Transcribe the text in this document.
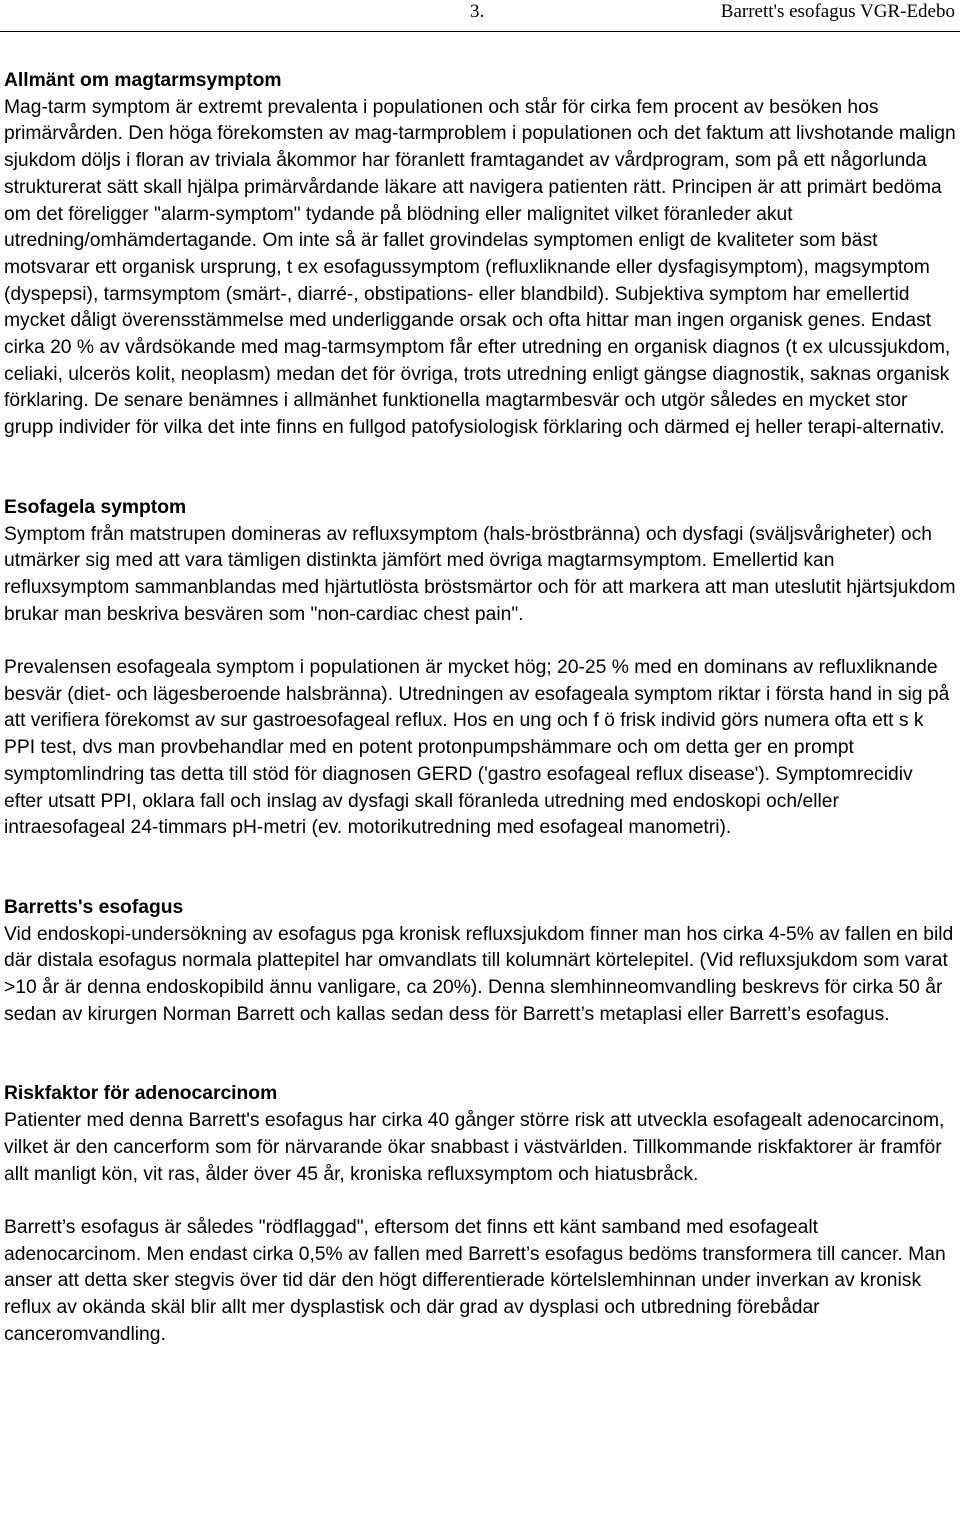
3.	Barrett's esofagus VGR-Edebo
Allmänt om magtarmsymptom

Mag-tarm symptom är extremt prevalenta i populationen och står för cirka fem procent av besöken hos primärvården. Den höga förekomsten av mag-tarmproblem i populationen och det faktum att livshotande malign sjukdom döljs i floran av triviala åkommor har föranlett framtagandet av vårdprogram, som på ett någorlunda strukturerat sätt skall hjälpa primärvårdande läkare att navigera patienten rätt. Principen är att primärt bedöma om det föreligger "alarm-symptom" tydande på blödning eller malignitet vilket föranleder akut utredning/omhämdertagande. Om inte så är fallet grovindelas symptomen enligt de kvaliteter som bäst motsvarar ett organisk ursprung, t ex esofagussymptom (refluxliknande eller dysfagisymptom), magsymptom (dyspepsi), tarmsymptom (smärt-, diarré-, obstipations- eller blandbild). Subjektiva symptom har emellertid mycket dåligt överensstämmelse med underliggande orsak och ofta hittar man ingen organisk genes. Endast cirka 20 % av vårdsökande med mag-tarmsymptom får efter utredning en organisk diagnos (t ex ulcussjukdom, celiaki, ulcerös kolit, neoplasm) medan det för övriga, trots utredning enligt gängse diagnostik, saknas organisk förklaring. De senare benämnes i allmänhet funktionella magtarmbesvär och utgör således en mycket stor grupp individer för vilka det inte finns en fullgod patofysiologisk förklaring och därmed ej heller terapi-alternativ.

Esofagela symptom

Symptom från matstrupen domineras av refluxsymptom (hals-bröstbränna) och dysfagi (sväljsvårigheter) och utmärker sig med att vara tämligen distinkta jämfört med övriga magtarmsymptom. Emellertid kan refluxsymptom sammanblandas med hjärtutlösta bröstsmärtor och för att markera att man uteslutit hjärtsjukdom brukar man beskriva besvären som "non-cardiac chest pain".

Prevalensen esofageala symptom i populationen är mycket hög; 20-25 % med en dominans av refluxliknande besvär (diet- och lägesberoende halsbränna). Utredningen av esofageala symptom riktar i första hand in sig på att verifiera förekomst av sur gastroesofageal reflux. Hos en ung och f ö frisk individ görs numera ofta ett s k PPI test, dvs man provbehandlar med en potent protonpumpshämmare och om detta ger en prompt symptomlindring tas detta till stöd för diagnosen GERD ('gastro esofageal reflux disease'). Symptomrecidiv efter utsatt PPI, oklara fall och inslag av dysfagi skall föranleda utredning med endoskopi och/eller intraesofageal 24-timmars pH-metri (ev. motorikutredning med esofageal manometri).

Barretts's esofagus

Vid endoskopi-undersökning av esofagus pga kronisk refluxsjukdom finner man hos cirka 4-5% av fallen en bild där distala esofagus normala plattepitel har omvandlats till kolumnärt körtelepitel. (Vid refluxsjukdom som varat >10 år är denna endoskopibild ännu vanligare, ca 20%). Denna slemhinneomvandling beskrevs för cirka 50 år sedan av kirurgen Norman Barrett och kallas sedan dess för Barrett’s metaplasi eller Barrett’s esofagus.

Riskfaktor för adenocarcinom

Patienter med denna Barrett's esofagus har cirka 40 gånger större risk att utveckla esofagealt adenocarcinom, vilket är den cancerform som för närvarande ökar snabbast i västvärlden. Tillkommande riskfaktorer är framför allt manligt kön, vit ras, ålder över 45 år, kroniska refluxsymptom och hiatusbråck.

Barrett’s esofagus är således "rödflaggad", eftersom det finns ett känt samband med esofagealt adenocarcinom. Men endast cirka 0,5% av fallen med Barrett’s esofagus bedöms transformera till cancer. Man anser att detta sker stegvis över tid där den högt differentierade körtelslemhinnan under inverkan av kronisk reflux av okända skäl blir allt mer dysplastisk och där grad av dysplasi och utbredning förebådar canceromvandling.
